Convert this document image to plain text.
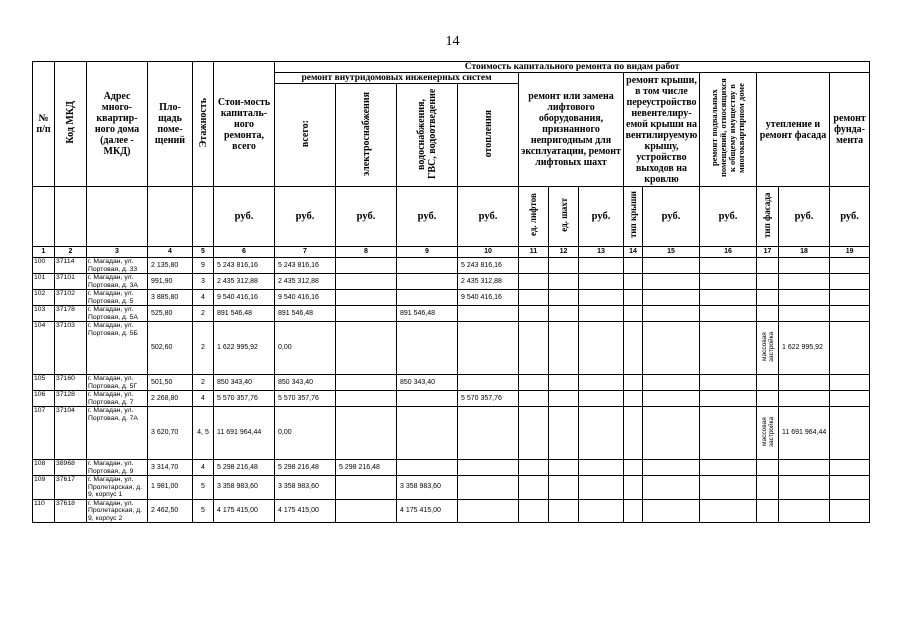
14
№ п/п	Код МКД	Адрес много-квартир-ного дома (далее - МКД)	Пло-щадь поме-щений	Этажность	Стои-мость капиталь-ного ремонта, всего	Стоимость капитального ремонта по видам работ												
						ремонт внутридомовых инженерных систем				ремонт или замена лифтового оборудования, признанного непригодным для эксплуатации, ремонт лифтовых шахт			ремонт крыши, в том числе переустройство невентелиру-емой крыши на вентилируемую крышу, устройство выходов на кровлю		ремонт подвальных помещений, относящихся к общему имуществу в многоквартирном доме	утепление и ремонт фасада		ремонт фунда-мента
						всего:	электроснабжения	водоснабжения, ГВС, водоотведение	отопления									
					руб.	руб.	руб.	руб.	руб.	ед. лифтов	ед. шахт	руб.	тип крыши	руб.	руб.	тип фасада	руб.	руб.
1	2	3	4	5	6	7	8	9	10	11	12	13	14	15	16	17	18	19
100	37114	г. Магадан, ул. Портовая, д. 33	2 135,80	9	5 243 816,16	5 243 816,16			5 243 816,16									
101	37101	г. Магадан, ул. Портовая, д. 3А	991,90	3	2 435 312,88	2 435 312,88			2 435 312,88									
102	37102	г. Магадан, ул. Портовая, д. 5	3 885,80	4	9 540 416,16	9 540 416,16			9 540 416,16									
103	37178	г. Магадан, ул. Портовая, д. 5А	525,80	2	891 546,48	891 546,48		891 546,48										
104	37103	г. Магадан, ул. Портовая, д. 5Б	502,60	2	1 622 995,92	0,00										массовая застройка	1 622 995,92	
105	37160	г. Магадан, ул. Портовая, д. 5Г	501,50	2	850 343,40	850 343,40		850 343,40										
106	37128	г. Магадан, ул. Портовая, д. 7	2 268,80	4	5 570 357,76	5 570 357,76			5 570 357,76									
107	37104	г. Магадан, ул. Портовая, д. 7А	3 620,70	4, 5	11 691 964,44	0,00										массовая застройка	11 691 964,44	
108	38968	г. Магадан, ул. Портовая, д. 9	3 314,70	4	5 298 216,48	5 298 216,48	5 298 216,48											
109	37617	г. Магадан, ул. Пролетарская, д. 9, корпус 1	1 981,00	5	3 358 983,60	3 358 983,60		3 358 983,60										
110	37618	г. Магадан, ул. Пролетарская, д. 9, корпус 2	2 462,50	5	4 175 415,00	4 175 415,00		4 175 415,00										
